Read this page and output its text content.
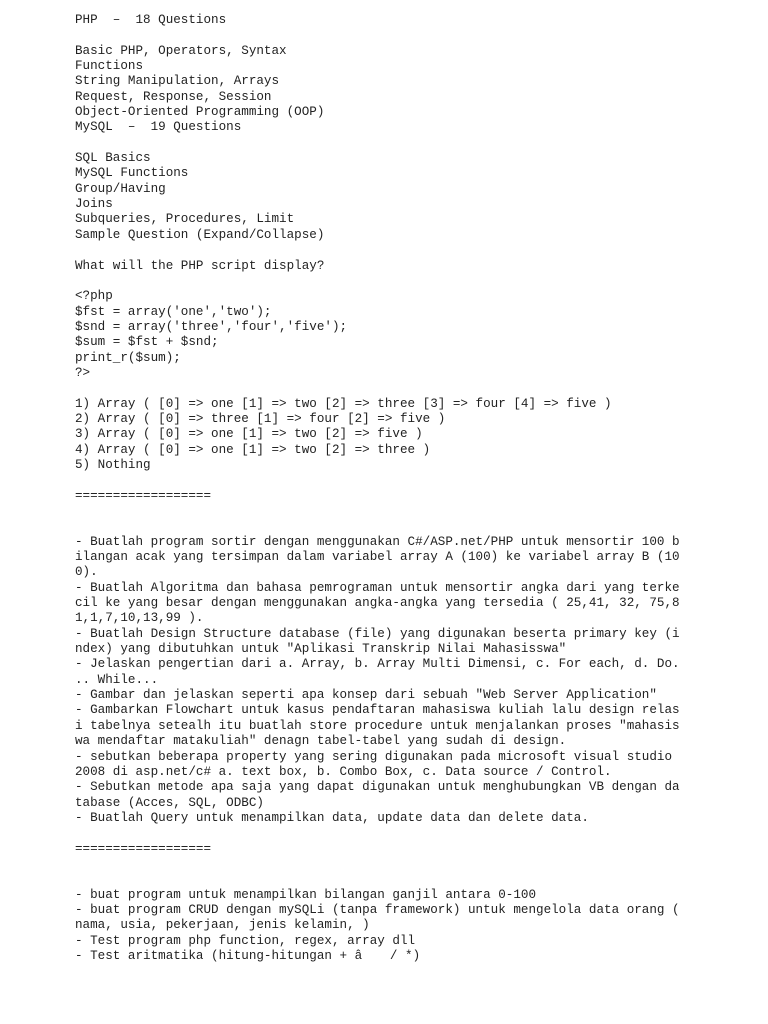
PHP  –  18 Questions
Basic PHP, Operators, Syntax
Functions
String Manipulation, Arrays
Request, Response, Session
Object-Oriented Programming (OOP)
MySQL  –  19 Questions
SQL Basics
MySQL Functions
Group/Having
Joins
Subqueries, Procedures, Limit
Sample Question (Expand/Collapse)
What will the PHP script display?
<?php
$fst = array('one','two');
$snd = array('three','four','five');
$sum = $fst + $snd;
print_r($sum);
?>
1) Array ( [0] => one [1] => two [2] => three [3] => four [4] => five )
2) Array ( [0] => three [1] => four [2] => five )
3) Array ( [0] => one [1] => two [2] => five )
4) Array ( [0] => one [1] => two [2] => three )
5) Nothing
==================
- Buatlah program sortir dengan menggunakan C#/ASP.net/PHP untuk mensortir 100 b
ilangan acak yang tersimpan dalam variabel array A (100) ke variabel array B (10
0).
- Buatlah Algoritma dan bahasa pemrograman untuk mensortir angka dari yang terke
cil ke yang besar dengan menggunakan angka-angka yang tersedia ( 25,41, 32, 75,8
1,1,7,10,13,99 ).
- Buatlah Design Structure database (file) yang digunakan beserta primary key (i
ndex) yang dibutuhkan untuk "Aplikasi Transkrip Nilai Mahasisswa"
- Jelaskan pengertian dari a. Array, b. Array Multi Dimensi, c. For each, d. Do.
.. While...
- Gambar dan jelaskan seperti apa konsep dari sebuah "Web Server Application"
- Gambarkan Flowchart untuk kasus pendaftaran mahasiswa kuliah lalu design relas
i tabelnya setealh itu buatlah store procedure untuk menjalankan proses "mahasis
wa mendaftar matakuliah" denagn tabel-tabel yang sudah di design.
- sebutkan beberapa property yang sering digunakan pada microsoft visual studio
2008 di asp.net/c# a. text box, b. Combo Box, c. Data source / Control.
- Sebutkan metode apa saja yang dapat digunakan untuk menghubungkan VB dengan da
tabase (Acces, SQL, ODBC)
- Buatlah Query untuk menampilkan data, update data dan delete data.
==================
- buat program untuk menampilkan bilangan ganjil antara 0-100
- buat program CRUD dengan mySQLi (tanpa framework) untuk mengelola data orang (
nama, usia, pekerjaan, jenis kelamin, )
- Test program php function, regex, array dll
- Test aritmatika (hitung-hitungan + â / *)
